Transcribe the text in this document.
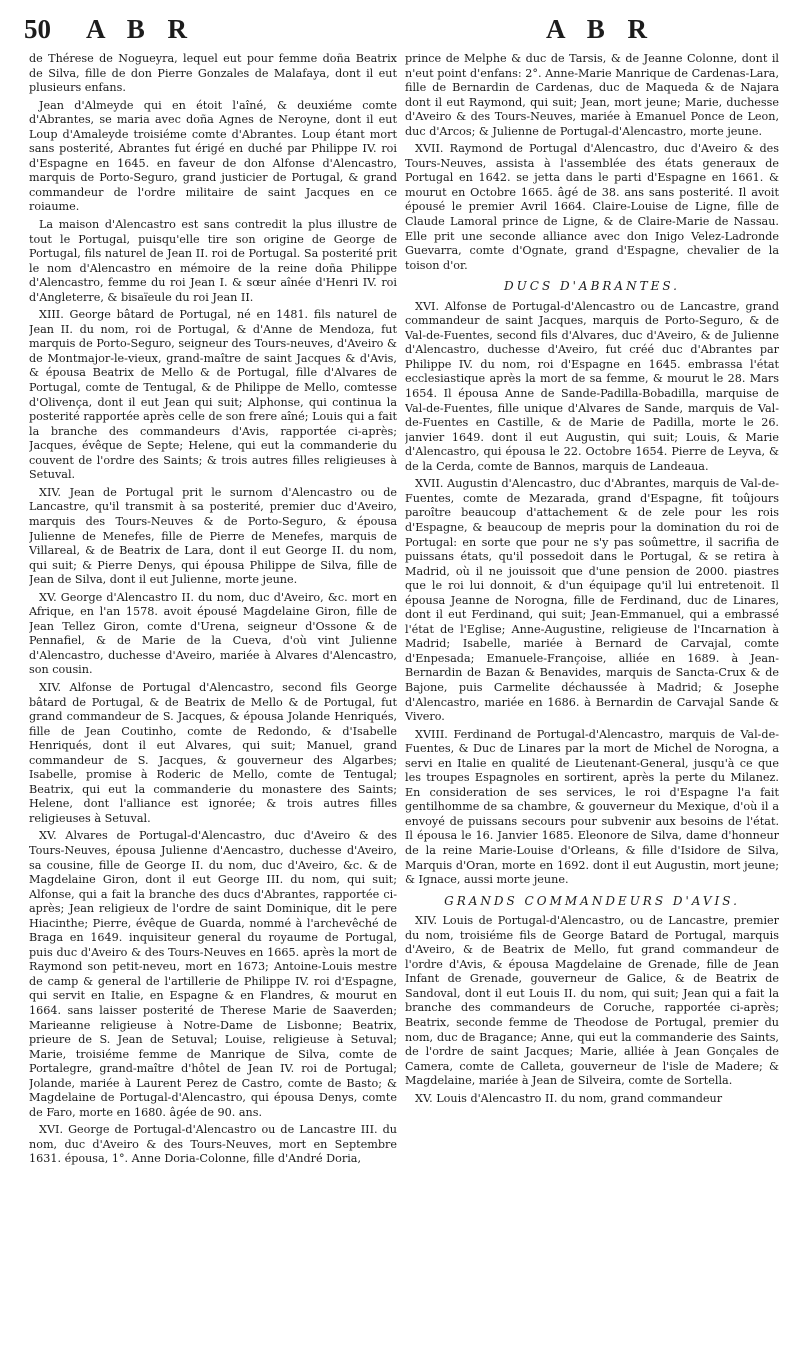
50 A B R	A B R

de Thérese de Nogueyra, lequel eut pour femme doña Beatrix de Silva, fille de don Pierre Gonzales de Malafaya, dont il eut plusieurs enfans.

Jean d'Almeyde qui en étoit l'aîné, & deuxiéme comte d'Abrantes, se maria avec doña Agnes de Neroyne, dont il eut Loup d'Amaleyde troisiéme comte d'Abrantes. Loup étant mort sans posterité, Abrantes fut érigé en duché par Philippe IV. roi d'Espagne en 1645. en faveur de don Alfonse d'Alencastro, marquis de Porto-Seguro, grand justicier de Portugal, & grand commandeur de l'ordre militaire de saint Jacques en ce roiaume.

La maison d'Alencastro est sans contredit la plus illustre de tout le Portugal, puisqu'elle tire son origine de George de Portugal, fils naturel de Jean II. roi de Portugal. Sa posterité prit le nom d'Alencastro en mémoire de la reine doña Philippe d'Alencastro, femme du roi Jean I. & sœur aînée d'Henri IV. roi d'Angleterre, & bisaïeule du roi Jean II.

XIII. George bâtard de Portugal, né en 1481. fils naturel de Jean II. du nom, roi de Portugal, & d'Anne de Mendoza, fut marquis de Porto-Seguro, seigneur des Tours-neuves, d'Aveiro & de Montmajor-le-vieux, grand-maître de saint Jacques & d'Avis, & épousa Beatrix de Mello & de Portugal, fille d'Alvares de Portugal, comte de Tentugal, & de Philippe de Mello, comtesse d'Olivença, dont il eut Jean qui suit; Alphonse, qui continua la posterité rapportée après celle de son frere aîné; Louis qui a fait la branche des commandeurs d'Avis, rapportée ci-après; Jacques, évêque de Septe; Helene, qui eut la commanderie du couvent de l'ordre des Saints; & trois autres filles religieuses à Setuval.

XIV. Jean de Portugal prit le surnom d'Alencastro ou de Lancastre, qu'il transmit à sa posterité, premier duc d'Aveiro, marquis des Tours-Neuves & de Porto-Seguro, & épousa Julienne de Menefes, fille de Pierre de Menefes, marquis de Villareal, & de Beatrix de Lara, dont il eut George II. du nom, qui suit; & Pierre Denys, qui épousa Philippe de Silva, fille de Jean de Silva, dont il eut Julienne, morte jeune.

XV. George d'Alencastro II. du nom, duc d'Aveiro, &c. mort en Afrique, en l'an 1578. avoit épousé Magdelaine Giron, fille de Jean Tellez Giron, comte d'Urena, seigneur d'Ossone & de Pennafiel, & de Marie de la Cueva, d'où vint Julienne d'Alencastro, duchesse d'Aveiro, mariée à Alvares d'Alencastro, son cousin.

XIV. Alfonse de Portugal d'Alencastro, second fils George bâtard de Portugal, & de Beatrix de Mello & de Portugal, fut grand commandeur de S. Jacques, & épousa Jolande Henriqués, fille de Jean Coutinho, comte de Redondo, & d'Isabelle Henriqués, dont il eut Alvares, qui suit; Manuel, grand commandeur de S. Jacques, & gouverneur des Algarbes; Isabelle, promise à Roderic de Mello, comte de Tentugal; Beatrix, qui eut la commanderie du monastere des Saints; Helene, dont l'alliance est ignorée; & trois autres filles religieuses à Setuval.

XV. Alvares de Portugal-d'Alencastro, duc d'Aveiro & des Tours-Neuves, épousa Julienne d'Aencastro, duchesse d'Aveiro, sa cousine, fille de George II. du nom, duc d'Aveiro, &c. & de Magdelaine Giron, dont il eut George III. du nom, qui suit; Alfonse, qui a fait la branche des ducs d'Abrantes, rapportée ci-après; Jean religieux de l'ordre de saint Dominique, dit le pere Hiacinthe; Pierre, évêque de Guarda, nommé à l'archevêché de Braga en 1649. inquisiteur general du royaume de Portugal, puis duc d'Aveiro & des Tours-Neuves en 1665. après la mort de Raymond son petit-neveu, mort en 1673; Antoine-Louis mestre de camp & general de l'artillerie de Philippe IV. roi d'Espagne, qui servit en Italie, en Espagne & en Flandres, & mourut en 1664. sans laisser posterité de Therese Marie de Saaverden; Marieanne religieuse à Notre-Dame de Lisbonne; Beatrix, prieure de S. Jean de Setuval; Louise, religieuse à Setuval; Marie, troisiéme femme de Manrique de Silva, comte de Portalegre, grand-maître d'hôtel de Jean IV. roi de Portugal; Jolande, mariée à Laurent Perez de Castro, comte de Basto; & Magdelaine de Portugal-d'Alencastro, qui épousa Denys, comte de Faro, morte en 1680. âgée de 90. ans.

XVI. George de Portugal-d'Alencastro ou de Lancastre III. du nom, duc d'Aveiro & des Tours-Neuves, mort en Septembre 1631. épousa, 1°. Anne Doria-Colonne, fille d'André Doria,

prince de Melphe & duc de Tarsis, & de Jeanne Colonne, dont il n'eut point d'enfans: 2°. Anne-Marie Manrique de Cardenas-Lara, fille de Bernardin de Cardenas, duc de Maqueda & de Najara dont il eut Raymond, qui suit; Jean, mort jeune; Marie, duchesse d'Aveiro & des Tours-Neuves, mariée à Emanuel Ponce de Leon, duc d'Arcos; & Julienne de Portugal-d'Alencastro, morte jeune.

XVII. Raymond de Portugal d'Alencastro, duc d'Aveiro & des Tours-Neuves, assista à l'assemblée des états generaux de Portugal en 1642. se jetta dans le parti d'Espagne en 1661. & mourut en Octobre 1665. âgé de 38. ans sans posterité. Il avoit épousé le premier Avril 1664. Claire-Louise de Ligne, fille de Claude Lamoral prince de Ligne, & de Claire-Marie de Nassau. Elle prit une seconde alliance avec don Inigo Velez-Ladronde Guevarra, comte d'Ognate, grand d'Espagne, chevalier de la toison d'or.

DUCS D'ABRANTES.

XVI. Alfonse de Portugal-d'Alencastro ou de Lancastre, grand commandeur de saint Jacques, marquis de Porto-Seguro, & de Val-de-Fuentes, second fils d'Alvares, duc d'Aveiro, & de Julienne d'Alencastro, duchesse d'Aveiro, fut créé duc d'Abrantes par Philippe IV. du nom, roi d'Espagne en 1645. embrassa l'état ecclesiastique après la mort de sa femme, & mourut le 28. Mars 1654. Il épousa Anne de Sande-Padilla-Bobadilla, marquise de Val-de-Fuentes, fille unique d'Alvares de Sande, marquis de Val-de-Fuentes en Castille, & de Marie de Padilla, morte le 26. janvier 1649. dont il eut Augustin, qui suit; Louis, & Marie d'Alencastro, qui épousa le 22. Octobre 1654. Pierre de Leyva, & de la Cerda, comte de Bannos, marquis de Landeaua.

XVII. Augustin d'Alencastro, duc d'Abrantes, marquis de Val-de-Fuentes, comte de Mezarada, grand d'Espagne, fit toûjours paroître beaucoup d'attachement & de zele pour les rois d'Espagne, & beaucoup de mepris pour la domination du roi de Portugal: en sorte que pour ne s'y pas soûmettre, il sacrifia de puissans états, qu'il possedoit dans le Portugal, & se retira à Madrid, où il ne jouissoit que d'une pension de 2000. piastres que le roi lui donnoit, & d'un équipage qu'il lui entretenoit. Il épousa Jeanne de Norogna, fille de Ferdinand, duc de Linares, dont il eut Ferdinand, qui suit; Jean-Emmanuel, qui a embrassé l'état de l'Eglise; Anne-Augustine, religieuse de l'Incarnation à Madrid; Isabelle, mariée à Bernard de Carvajal, comte d'Enpesada; Emanuele-Françoise, alliée en 1689. à Jean-Bernardin de Bazan & Benavides, marquis de Sancta-Crux & de Bajone, puis Carmelite déchaussée à Madrid; & Josephe d'Alencastro, mariée en 1686. à Bernardin de Carvajal Sande & Vivero.

XVIII. Ferdinand de Portugal-d'Alencastro, marquis de Val-de-Fuentes, & Duc de Linares par la mort de Michel de Norogna, a servi en Italie en qualité de Lieutenant-General, jusqu'à ce que les troupes Espagnoles en sortirent, après la perte du Milanez. En consideration de ses services, le roi d'Espagne l'a fait gentilhomme de sa chambre, & gouverneur du Mexique, d'où il a envoyé de puissans secours pour subvenir aux besoins de l'état. Il épousa le 16. Janvier 1685. Eleonore de Silva, dame d'honneur de la reine Marie-Louise d'Orleans, & fille d'Isidore de Silva, Marquis d'Oran, morte en 1692. dont il eut Augustin, mort jeune; & Ignace, aussi morte jeune.

GRANDS COMMANDEURS D'AVIS.

XIV. Louis de Portugal-d'Alencastro, ou de Lancastre, premier du nom, troisiéme fils de George Batard de Portugal, marquis d'Aveiro, & de Beatrix de Mello, fut grand commandeur de l'ordre d'Avis, & épousa Magdelaine de Grenade, fille de Jean Infant de Grenade, gouverneur de Galice, & de Beatrix de Sandoval, dont il eut Louis II. du nom, qui suit; Jean qui a fait la branche des commandeurs de Coruche, rapportée ci-après; Beatrix, seconde femme de Theodose de Portugal, premier du nom, duc de Bragance; Anne, qui eut la commanderie des Saints, de l'ordre de saint Jacques; Marie, alliée à Jean Gonçales de Camera, comte de Calleta, gouverneur de l'isle de Madere; & Magdelaine, mariée à Jean de Silveira, comte de Sortella.

XV. Louis d'Alencastro II. du nom, grand commandeur
